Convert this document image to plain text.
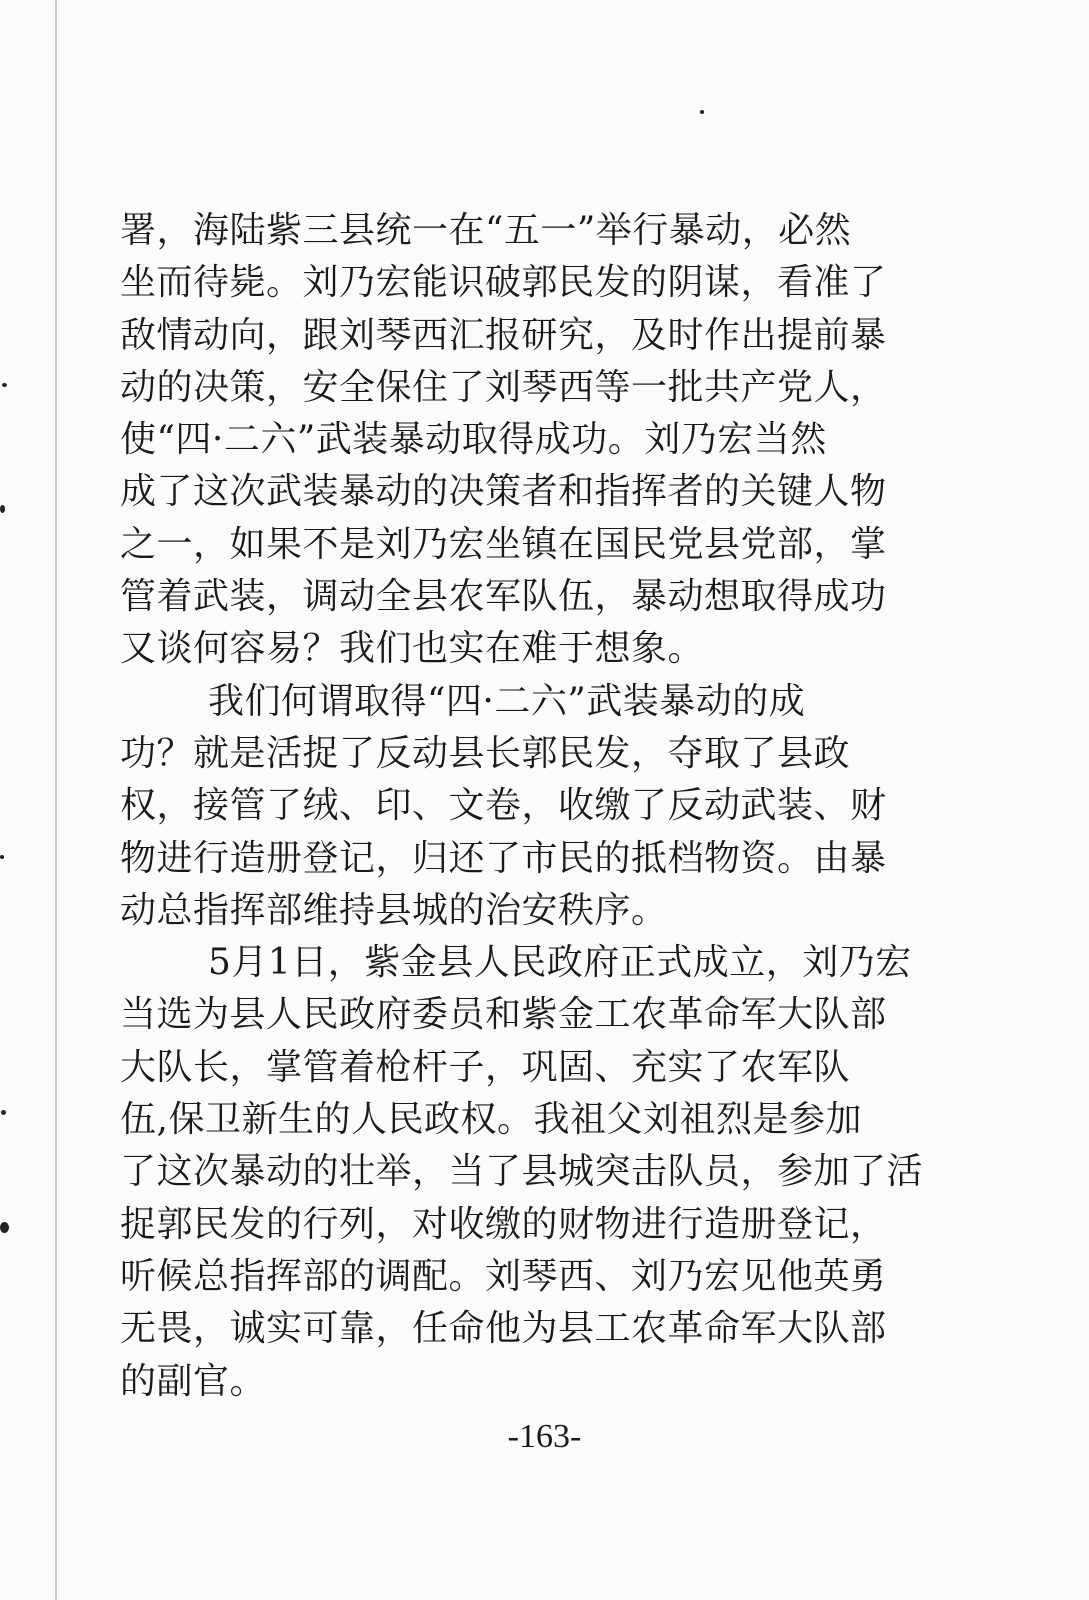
署，海陆紫三县统一在“五一”举行暴动，必然
坐而待毙。刘乃宏能识破郭民发的阴谋，看准了
敌情动向，跟刘琴西汇报研究，及时作出提前暴
动的决策，安全保住了刘琴西等一批共产党人，
使“四·二六”武装暴动取得成功。刘乃宏当然
成了这次武装暴动的决策者和指挥者的关键人物
之一，如果不是刘乃宏坐镇在国民党县党部，掌
管着武装，调动全县农军队伍，暴动想取得成功
又谈何容易？我们也实在难于想象。
我们何谓取得“四·二六”武装暴动的成
功？就是活捉了反动县长郭民发，夺取了县政
权，接管了绒、印、文卷，收缴了反动武装、财
物进行造册登记，归还了市民的抵档物资。由暴
动总指挥部维持县城的治安秩序。
5月1日，紫金县人民政府正式成立，刘乃宏
当选为县人民政府委员和紫金工农革命军大队部
大队长，掌管着枪杆子，巩固、充实了农军队
伍,保卫新生的人民政权。我祖父刘祖烈是参加
了这次暴动的壮举，当了县城突击队员，参加了活
捉郭民发的行列，对收缴的财物进行造册登记，
听候总指挥部的调配。刘琴西、刘乃宏见他英勇
无畏，诚实可靠，任命他为县工农革命军大队部
的副官。
-163-
